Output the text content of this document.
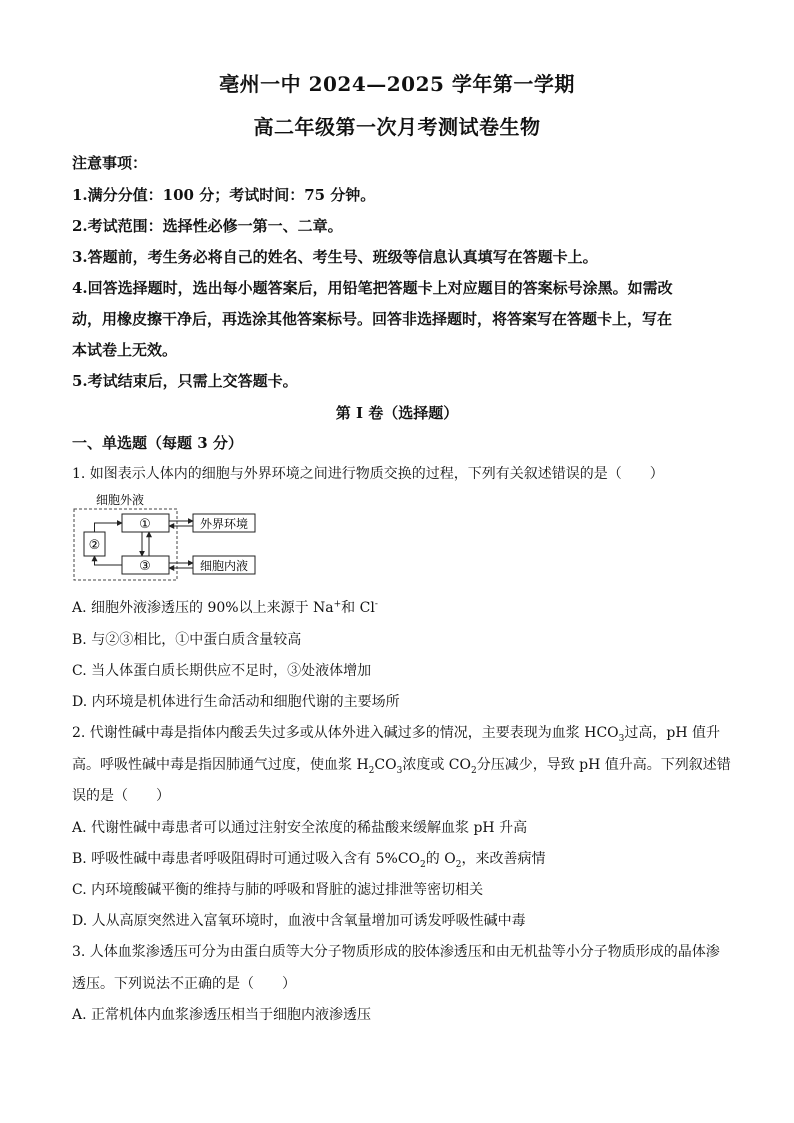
亳州一中 2024—2025 学年第一学期
高二年级第一次月考测试卷生物
注意事项：
1.满分分值：100 分；考试时间：75 分钟。
2.考试范围：选择性必修一第一、二章。
3.答题前，考生务必将自己的姓名、考生号、班级等信息认真填写在答题卡上。
4.回答选择题时，选出每小题答案后，用铅笔把答题卡上对应题目的答案标号涂黑。如需改
动，用橡皮擦干净后，再选涂其他答案标号。回答非选择题时，将答案写在答题卡上，写在
本试卷上无效。
5.考试结束后，只需上交答题卡。
第 I 卷（选择题）
一、单选题（每题 3 分）
1. 如图表示人体内的细胞与外界环境之间进行物质交换的过程，下列有关叙述错误的是（　　）
细胞外液
①
③
②
外界环境
细胞内液
A. 细胞外液渗透压的 90%以上来源于 Na+和 Cl-
B. 与②③相比，①中蛋白质含量较高
C. 当人体蛋白质长期供应不足时，③处液体增加
D. 内环境是机体进行生命活动和细胞代谢的主要场所
2. 代谢性碱中毒是指体内酸丢失过多或从体外进入碱过多的情况，主要表现为血浆 $HCO_3$过高，pH 值升
高。呼吸性碱中毒是指因肺通气过度，使血浆 $H_2CO_3$浓度或 $CO_2$分压减少，导致 pH 值升高。下列叙述错
误的是（　　）
A. 代谢性碱中毒患者可以通过注射安全浓度的稀盐酸来缓解血浆 pH 升高
B. 呼吸性碱中毒患者呼吸阻碍时可通过吸入含有 $5\%CO_2$的 $O_2$，来改善病情
C. 内环境酸碱平衡的维持与肺的呼吸和肾脏的滤过排泄等密切相关
D. 人从高原突然进入富氧环境时，血液中含氧量增加可诱发呼吸性碱中毒
3. 人体血浆渗透压可分为由蛋白质等大分子物质形成的胶体渗透压和由无机盐等小分子物质形成的晶体渗
透压。下列说法不正确的是（　　）
A. 正常机体内血浆渗透压相当于细胞内液渗透压
